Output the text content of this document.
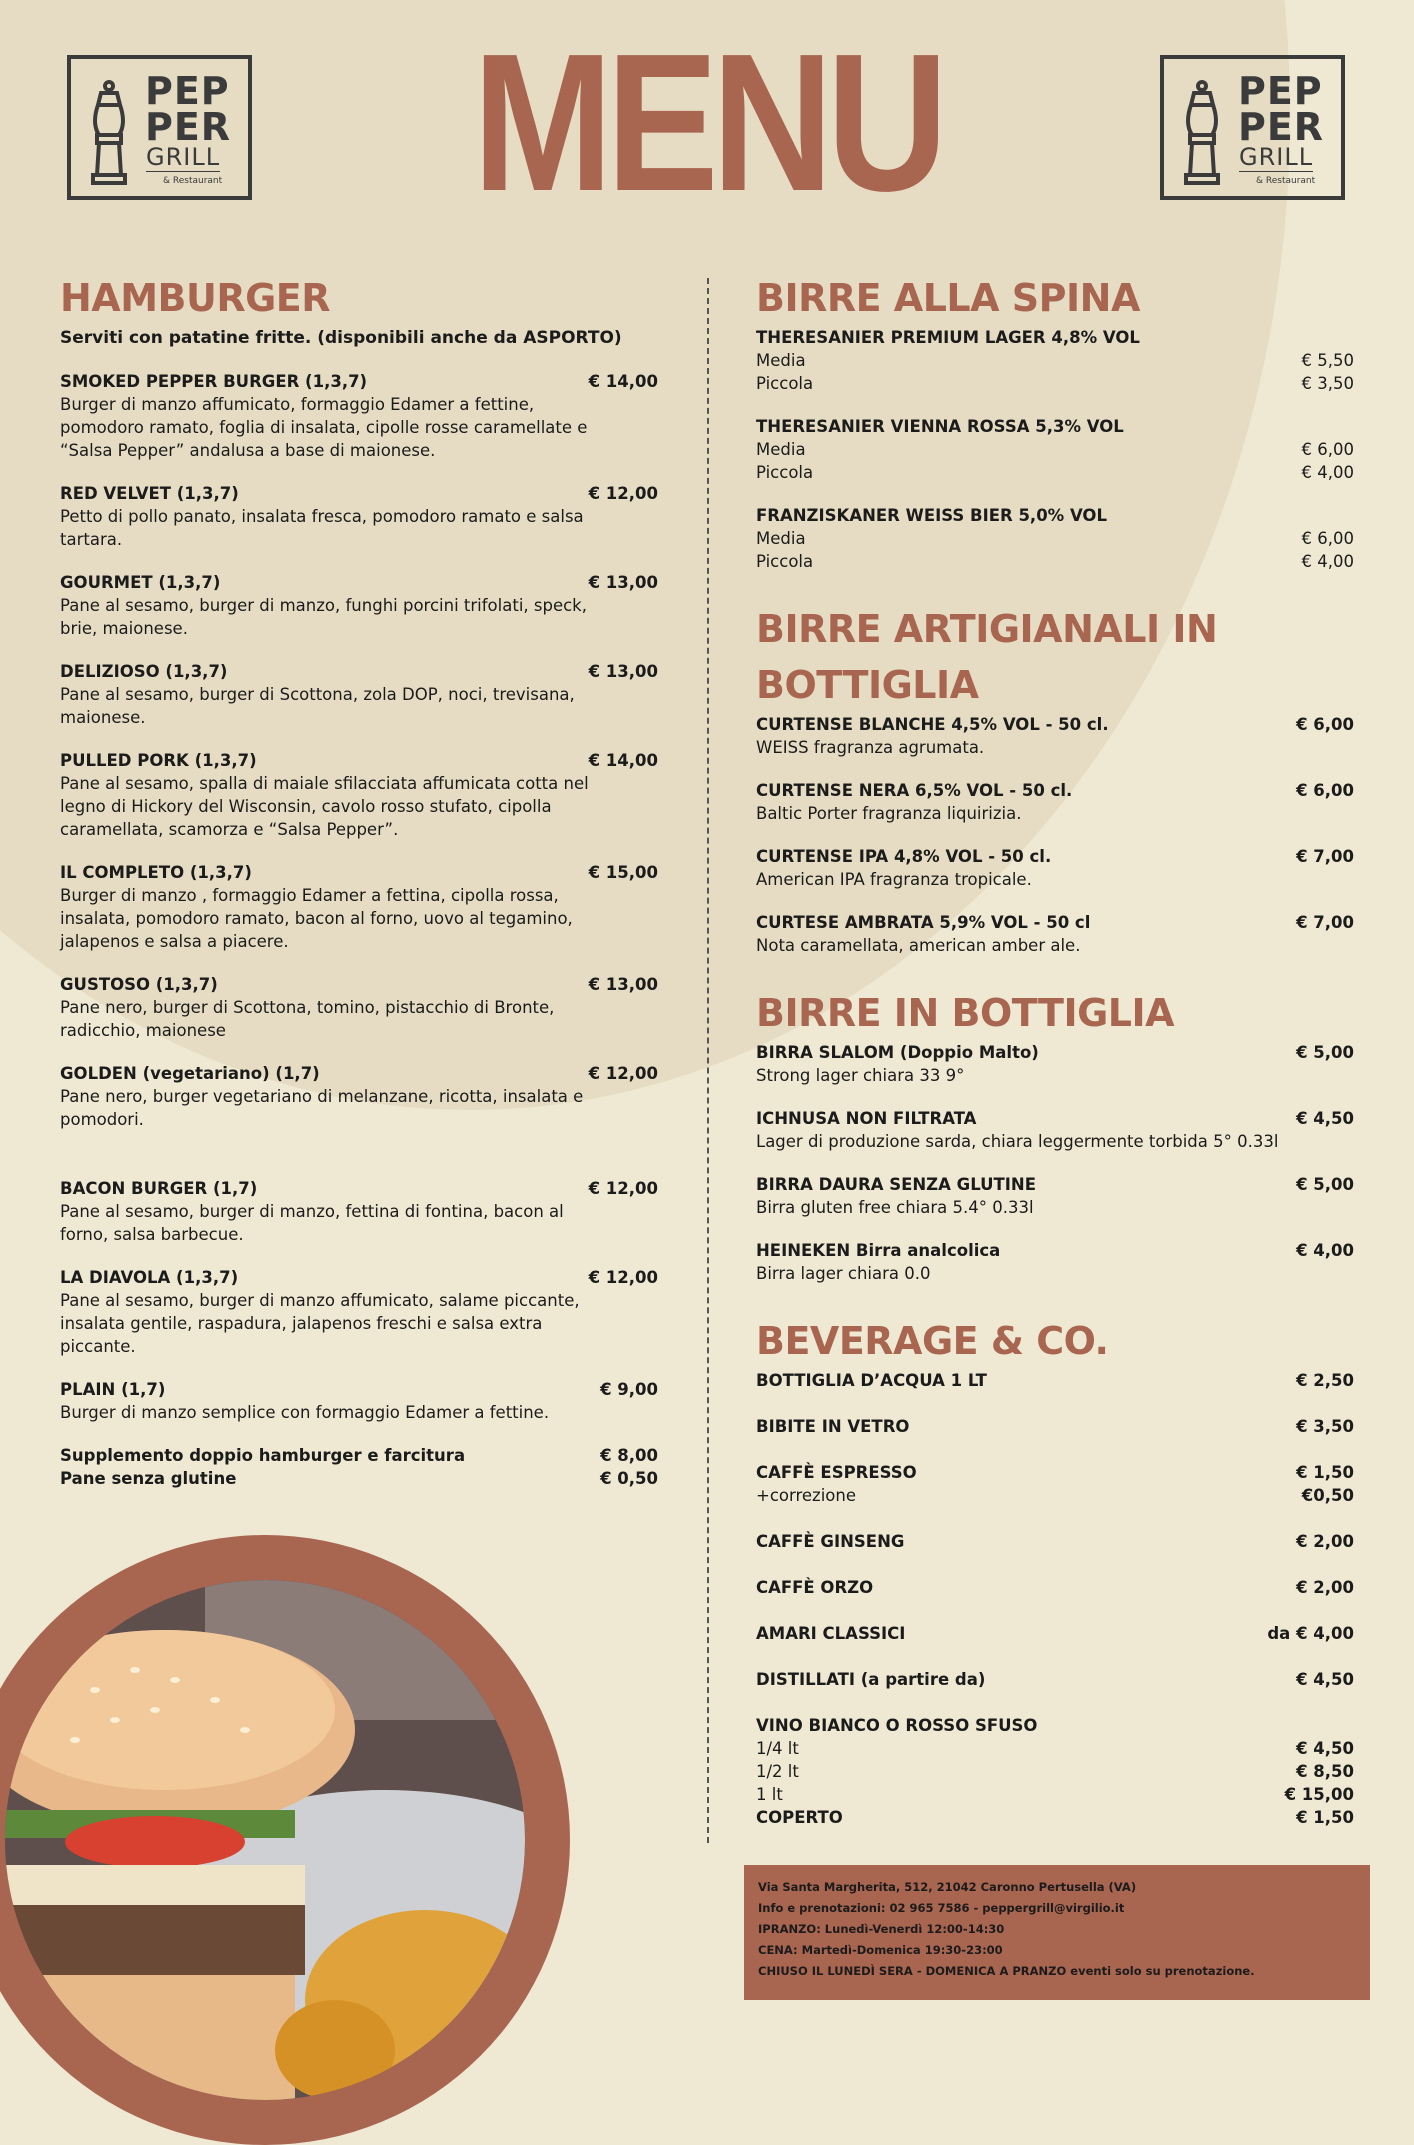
PEP
PER
GRILL
& Restaurant
PEP
PER
GRILL
& Restaurant
MENU
HAMBURGER
Serviti con patatine fritte. (disponibili anche da ASPORTO)
SMOKED PEPPER BURGER (1,3,7)	€ 14,00
Burger di manzo affumicato, formaggio Edamer a fettine, pomodoro ramato, foglia di insalata, cipolle rosse caramellate e “Salsa Pepper” andalusa a base di maionese.
RED VELVET (1,3,7)	€ 12,00
Petto di pollo panato, insalata fresca, pomodoro ramato e salsa tartara.
GOURMET (1,3,7)	€ 13,00
Pane al sesamo, burger di manzo, funghi porcini trifolati, speck, brie, maionese.
DELIZIOSO (1,3,7)	€ 13,00
Pane al sesamo, burger di Scottona, zola DOP, noci, trevisana, maionese.
PULLED PORK (1,3,7)	€ 14,00
Pane al sesamo, spalla di maiale sfilacciata affumicata cotta nel legno di Hickory del Wisconsin, cavolo rosso stufato, cipolla caramellata, scamorza e “Salsa Pepper”.
IL COMPLETO (1,3,7)	€ 15,00
Burger di manzo , formaggio Edamer a fettina, cipolla rossa, insalata, pomodoro ramato, bacon al forno, uovo al tegamino, jalapenos e salsa a piacere.
GUSTOSO (1,3,7)	€ 13,00
Pane nero, burger di Scottona, tomino, pistacchio di Bronte, radicchio, maionese
GOLDEN (vegetariano) (1,7)	€ 12,00
Pane nero, burger vegetariano di melanzane, ricotta, insalata e pomodori.
BACON BURGER (1,7)	€ 12,00
Pane al sesamo, burger di manzo, fettina di fontina, bacon al forno, salsa barbecue.
LA DIAVOLA (1,3,7)	€ 12,00
Pane al sesamo, burger di manzo affumicato, salame piccante, insalata gentile, raspadura, jalapenos freschi e salsa extra piccante.
PLAIN (1,7)	€ 9,00
Burger di manzo semplice con formaggio Edamer a fettine.
Supplemento doppio hamburger e farcitura	€ 8,00
Pane senza glutine	€ 0,50
BIRRE ALLA SPINA
THERESANIER PREMIUM LAGER 4,8% VOL
Media	€ 5,50
Piccola	€ 3,50
THERESANIER VIENNA ROSSA 5,3% VOL
Media	€ 6,00
Piccola	€ 4,00
FRANZISKANER WEISS BIER 5,0% VOL
Media	€ 6,00
Piccola	€ 4,00
BIRRE ARTIGIANALI IN BOTTIGLIA
CURTENSE BLANCHE 4,5% VOL - 50 cl.	€ 6,00
WEISS fragranza agrumata.
CURTENSE NERA 6,5% VOL - 50 cl.	€ 6,00
Baltic Porter fragranza liquirizia.
CURTENSE IPA 4,8% VOL - 50 cl.	€ 7,00
American IPA fragranza tropicale.
CURTESE AMBRATA 5,9% VOL - 50 cl	€ 7,00
Nota caramellata, american amber ale.
BIRRE IN BOTTIGLIA
BIRRA SLALOM (Doppio Malto)	€ 5,00
Strong lager chiara 33 9°
ICHNUSA NON FILTRATA	€ 4,50
Lager di produzione sarda, chiara leggermente torbida 5° 0.33l
BIRRA DAURA SENZA GLUTINE	€ 5,00
Birra gluten free chiara 5.4° 0.33l
HEINEKEN Birra analcolica	€ 4,00
Birra lager chiara 0.0
BEVERAGE & CO.
BOTTIGLIA D’ACQUA 1 LT	€ 2,50
BIBITE IN VETRO	€ 3,50
CAFFÈ ESPRESSO	€ 1,50
+correzione	€0,50
CAFFÈ GINSENG	€ 2,00
CAFFÈ ORZO	€ 2,00
AMARI CLASSICI	da € 4,00
DISTILLATI (a partire da)	€ 4,50
VINO BIANCO O ROSSO SFUSO
1/4 lt	€ 4,50
1/2 lt	€ 8,50
1 lt	€ 15,00
COPERTO	€ 1,50
Via Santa Margherita, 512, 21042 Caronno Pertusella (VA)
Info e prenotazioni: 02 965 7586 - peppergrill@virgilio.it
IPRANZO: Lunedì-Venerdì 12:00-14:30
CENA: Martedì-Domenica 19:30-23:00
CHIUSO IL LUNEDÌ SERA - DOMENICA A PRANZO eventi solo su prenotazione.
